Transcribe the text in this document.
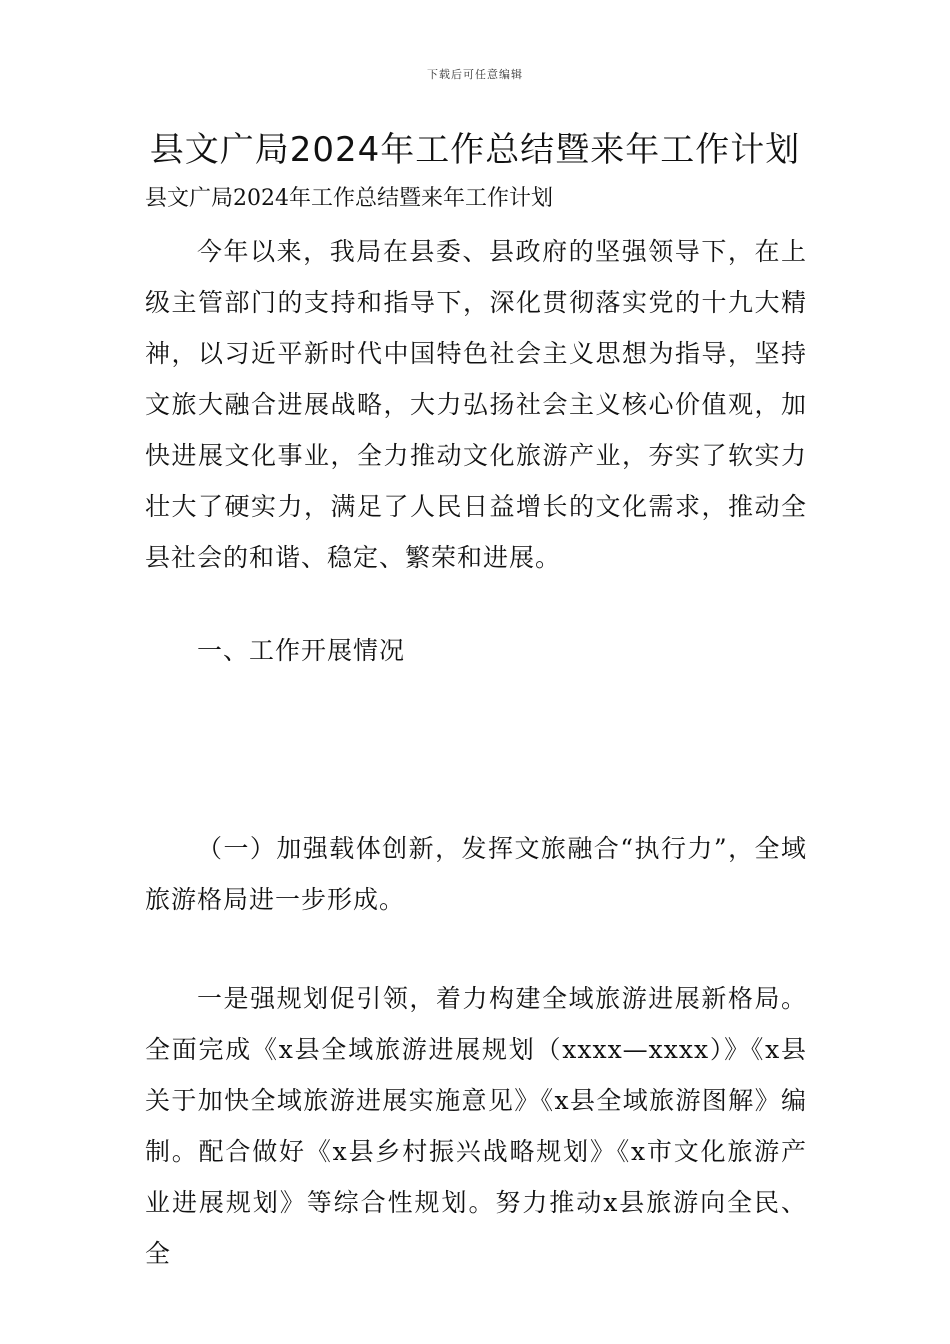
下载后可任意编辑
县文广局2024年工作总结暨来年工作计划
县文广局2024年工作总结暨来年工作计划
今年以来，我局在县委、县政府的坚强领导下，在上级主管部门的支持和指导下，深化贯彻落实党的十九大精神，以习近平新时代中国特色社会主义思想为指导，坚持文旅大融合进展战略，大力弘扬社会主义核心价值观，加快进展文化事业，全力推动文化旅游产业，夯实了软实力壮大了硬实力，满足了人民日益增长的文化需求，推动全县社会的和谐、稳定、繁荣和进展。
一、工作开展情况
（一）加强载体创新，发挥文旅融合“执行力”，全域旅游格局进一步形成。
一是强规划促引领，着力构建全域旅游进展新格局。全面完成《x县全域旅游进展规划（xxxx—xxxx）》《x县关于加快全域旅游进展实施意见》《x县全域旅游图解》编制。配合做好《x县乡村振兴战略规划》《x市文化旅游产业进展规划》等综合性规划。努力推动x县旅游向全民、全
